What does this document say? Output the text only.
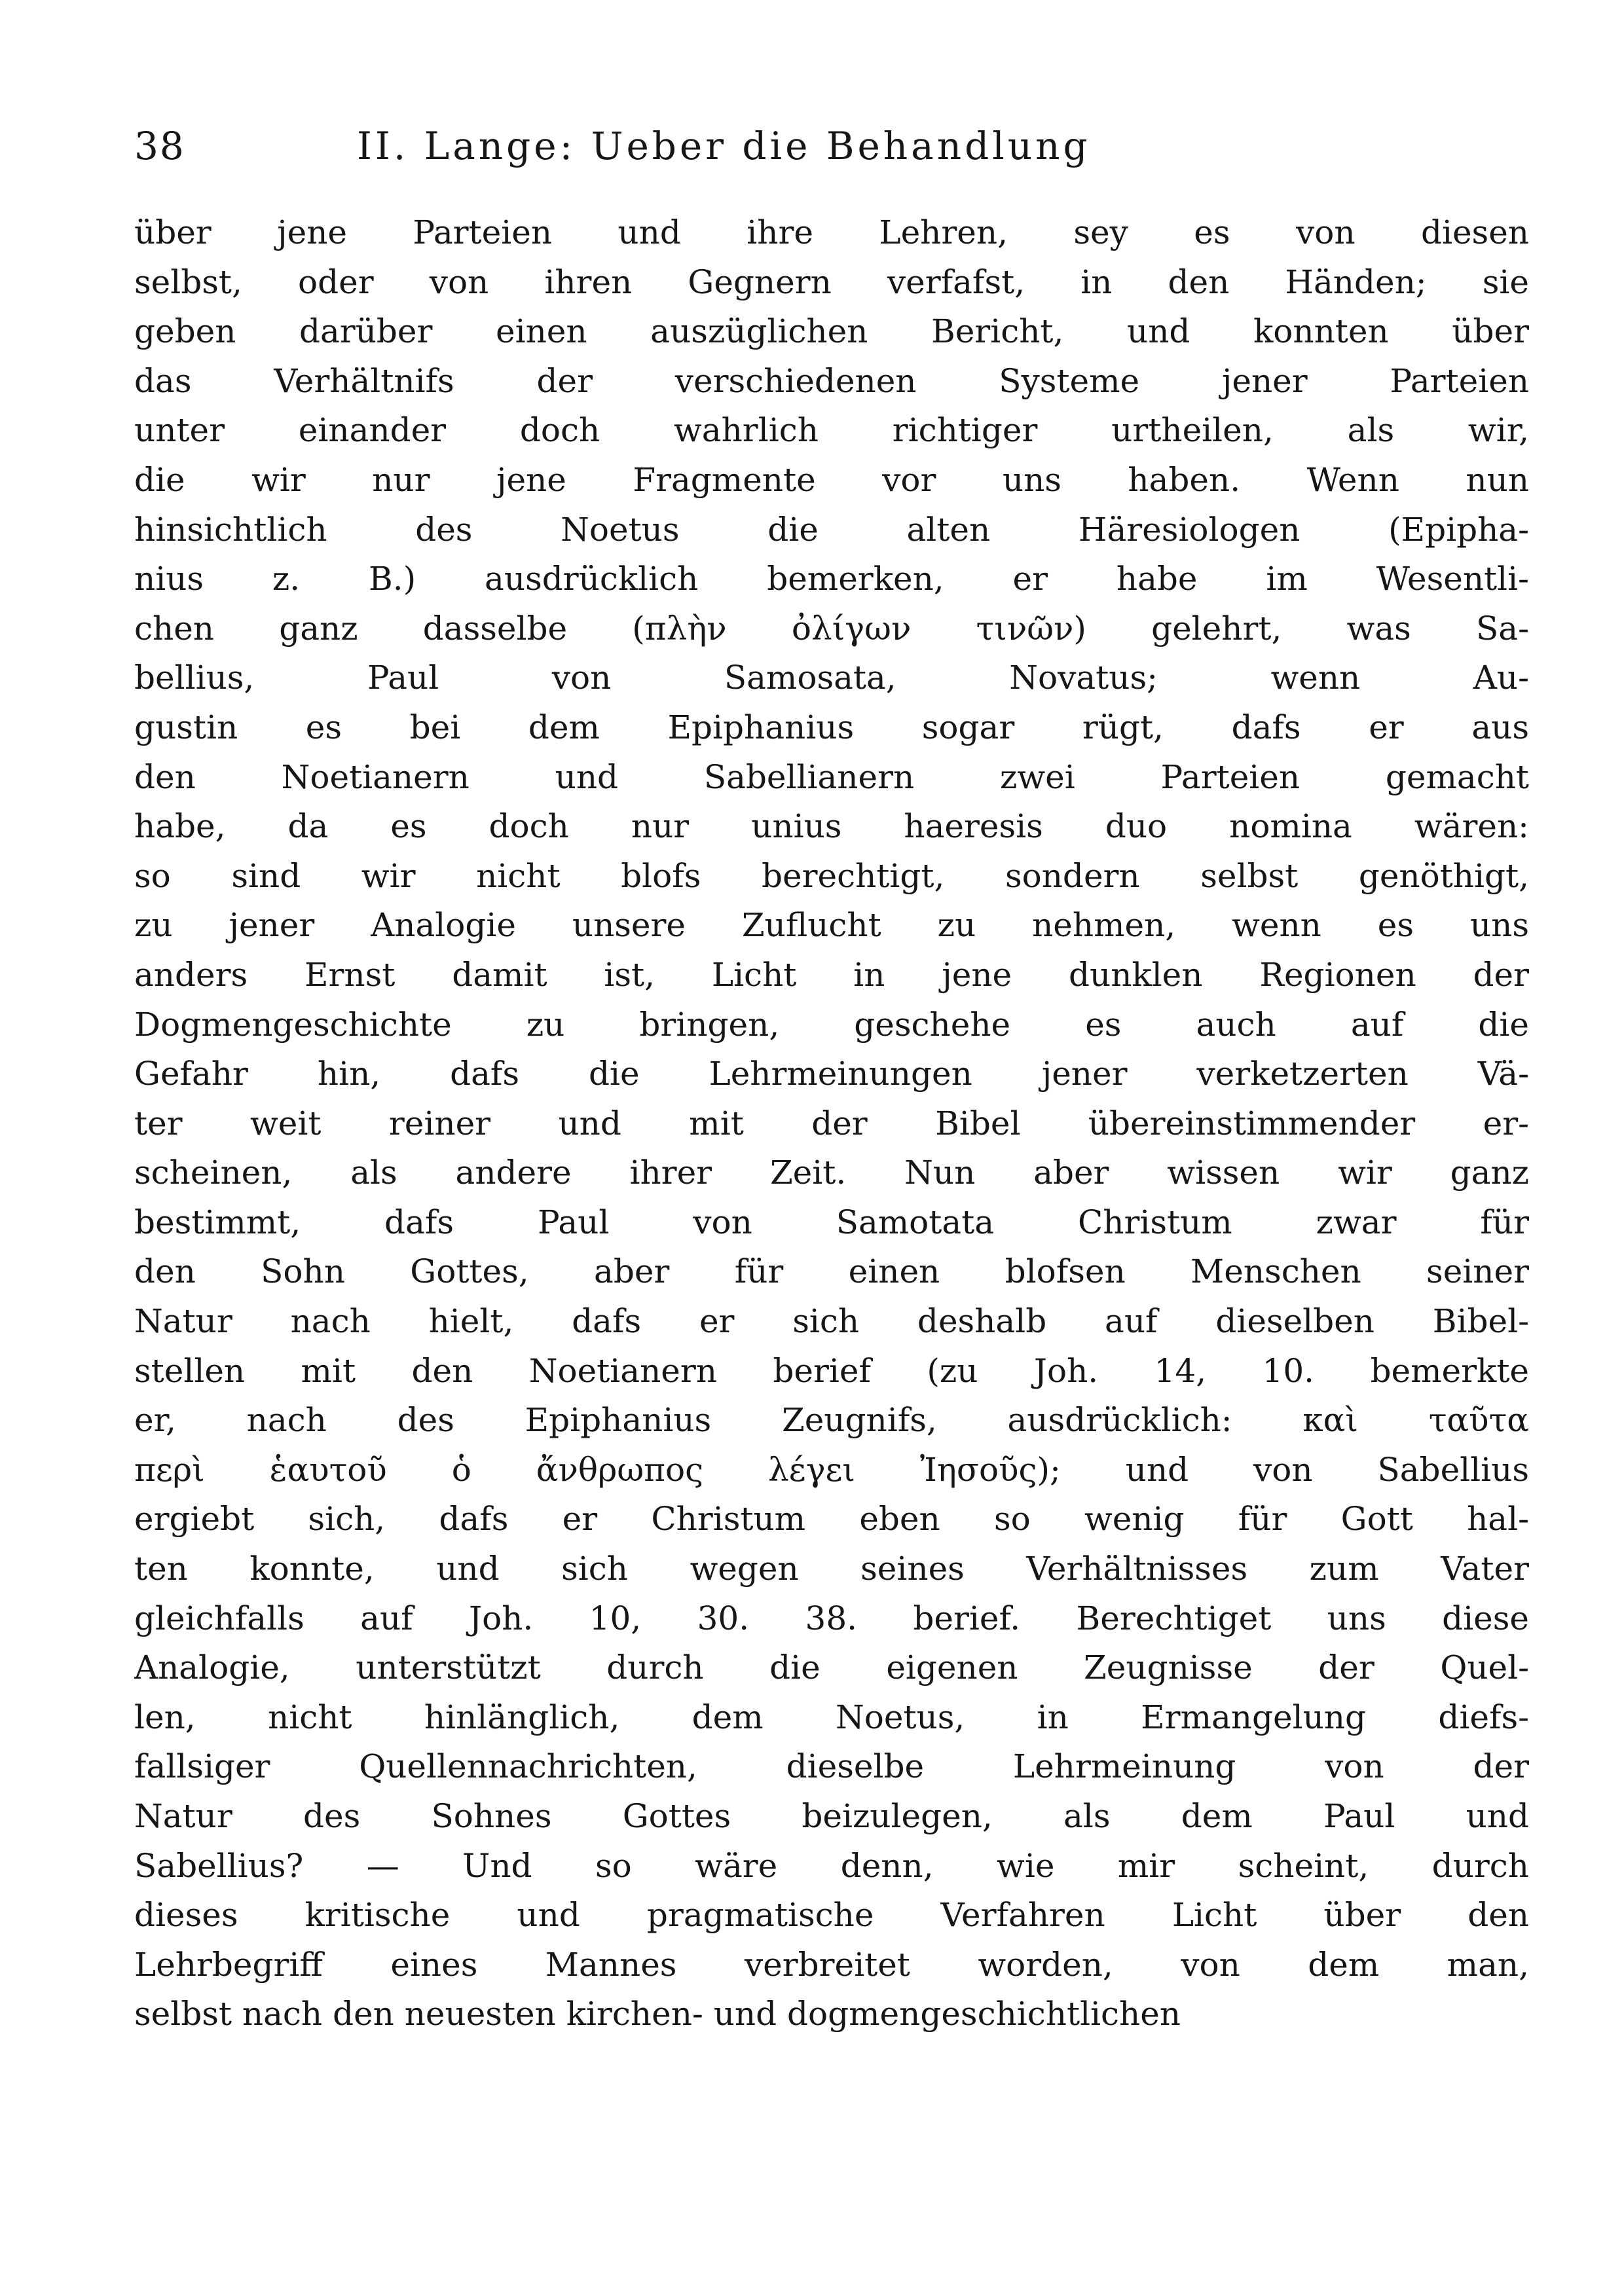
38	II. Lange: Ueber die Behandlung
über jene Parteien und ihre Lehren, sey es von diesen
selbst, oder von ihren Gegnern verfafst, in den Händen; sie
geben darüber einen auszüglichen Bericht, und konnten über
das Verhältnifs der verschiedenen Systeme jener Parteien
unter einander doch wahrlich richtiger urtheilen, als wir,
die wir nur jene Fragmente vor uns haben. Wenn nun
hinsichtlich des Noetus die alten Häresiologen (Epipha-
nius z. B.) ausdrücklich bemerken, er habe im Wesentli-
chen ganz dasselbe (πλὴν ὀλίγων τινῶν) gelehrt, was Sa-
bellius, Paul von Samosata, Novatus; wenn Au-
gustin es bei dem Epiphanius sogar rügt, dafs er aus
den Noetianern und Sabellianern zwei Parteien gemacht
habe, da es doch nur unius haeresis duo nomina wären:
so sind wir nicht blofs berechtigt, sondern selbst genöthigt,
zu jener Analogie unsere Zuflucht zu nehmen, wenn es uns
anders Ernst damit ist, Licht in jene dunklen Regionen der
Dogmengeschichte zu bringen, geschehe es auch auf die
Gefahr hin, dafs die Lehrmeinungen jener verketzerten Vä-
ter weit reiner und mit der Bibel übereinstimmender er-
scheinen, als andere ihrer Zeit. Nun aber wissen wir ganz
bestimmt, dafs Paul von Samotata Christum zwar für
den Sohn Gottes, aber für einen blofsen Menschen seiner
Natur nach hielt, dafs er sich deshalb auf dieselben Bibel-
stellen mit den Noetianern berief (zu Joh. 14, 10. bemerkte
er, nach des Epiphanius Zeugnifs, ausdrücklich: καὶ ταῦτα
περὶ ἑαυτοῦ ὁ ἄνθρωπος λέγει Ἰησοῦς); und von Sabellius
ergiebt sich, dafs er Christum eben so wenig für Gott hal-
ten konnte, und sich wegen seines Verhältnisses zum Vater
gleichfalls auf Joh. 10, 30. 38. berief. Berechtiget uns diese
Analogie, unterstützt durch die eigenen Zeugnisse der Quel-
len, nicht hinlänglich, dem Noetus, in Ermangelung diefs-
fallsiger Quellennachrichten, dieselbe Lehrmeinung von der
Natur des Sohnes Gottes beizulegen, als dem Paul und
Sabellius? — Und so wäre denn, wie mir scheint, durch
dieses kritische und pragmatische Verfahren Licht über den
Lehrbegriff eines Mannes verbreitet worden, von dem man,
selbst nach den neuesten kirchen- und dogmengeschichtlichen
